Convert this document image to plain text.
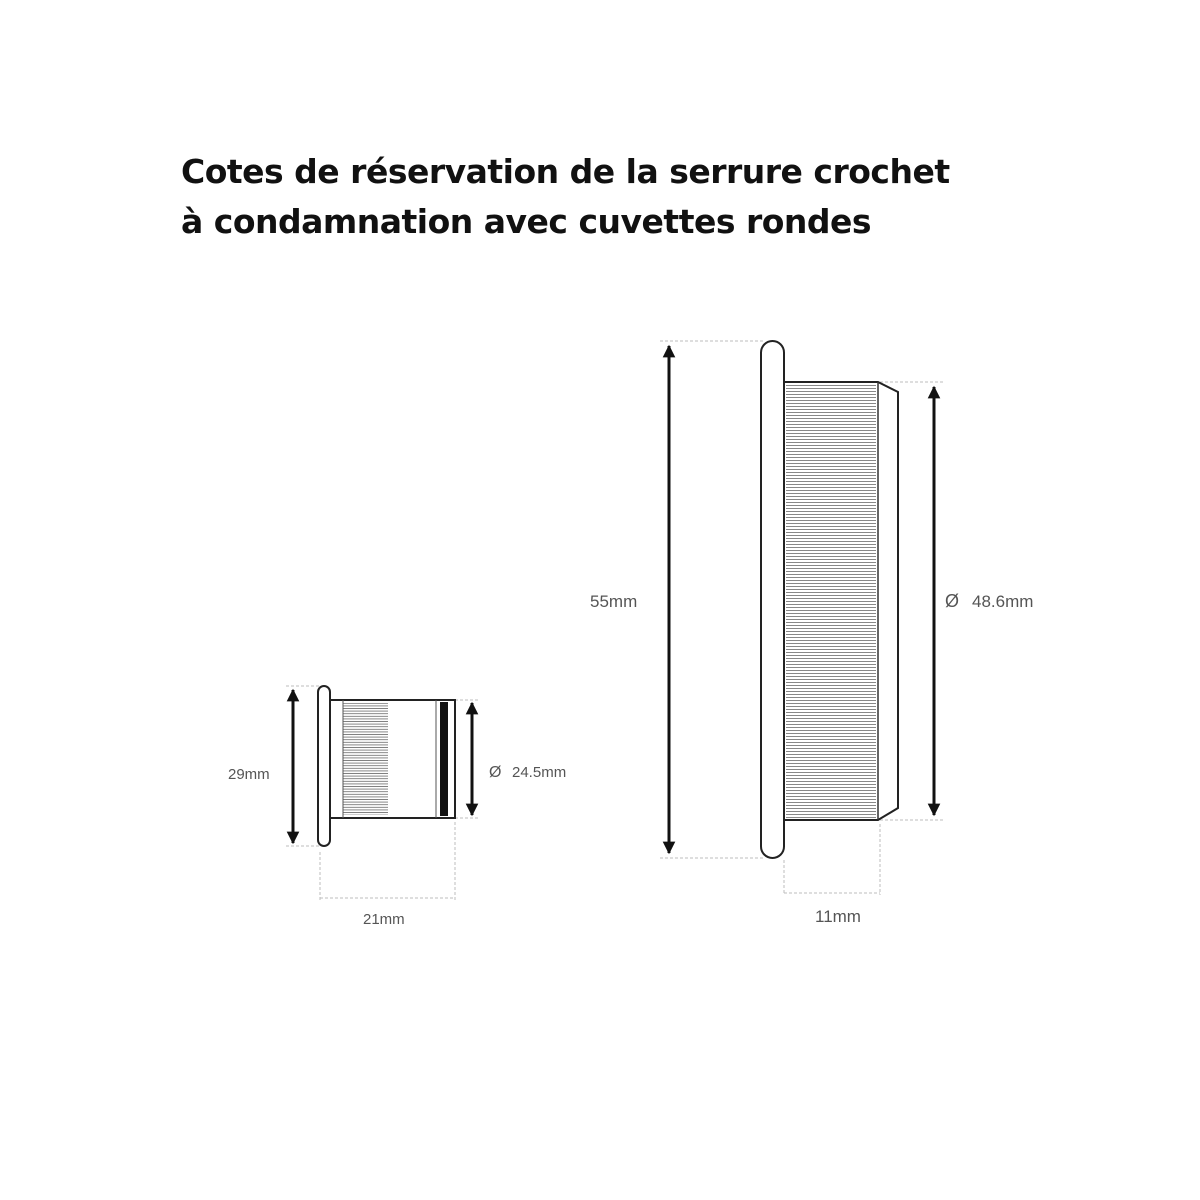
Cotes de réservation de la serrure crochet
à condamnation avec cuvettes rondes
29mm	Ø 24.5mm
21mm
55mm	Ø 48.6mm
11mm
